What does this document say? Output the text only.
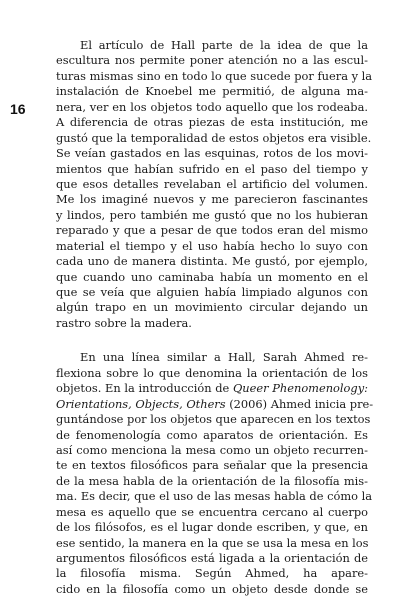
16
El artículo de Hall parte de la idea de que la
escultura nos permite poner atención no a las escul-
turas mismas sino en todo lo que sucede por fuera y la
instalación de Knoebel me permitió, de alguna ma-
nera, ver en los objetos todo aquello que los rodeaba.
A diferencia de otras piezas de esta institución, me
gustó que la temporalidad de estos objetos era visible.
Se veían gastados en las esquinas, rotos de los movi-
mientos que habían sufrido en el paso del tiempo y
que esos detalles revelaban el artificio del volumen.
Me los imaginé nuevos y me parecieron fascinantes
y lindos, pero también me gustó que no los hubieran
reparado y que a pesar de que todos eran del mismo
material el tiempo y el uso había hecho lo suyo con
cada uno de manera distinta. Me gustó, por ejemplo,
que cuando uno caminaba había un momento en el
que se veía que alguien había limpiado algunos con
algún trapo en un movimiento circular dejando un
rastro sobre la madera.
En una línea similar a Hall, Sarah Ahmed re-
flexiona sobre lo que denomina la orientación de los
objetos. En la introducción de Queer Phenomenology:
Orientations, Objects, Others (2006) Ahmed inicia pre-
guntándose por los objetos que aparecen en los textos
de fenomenología como aparatos de orientación. Es
así como menciona la mesa como un objeto recurren-
te en textos filosóficos para señalar que la presencia
de la mesa habla de la orientación de la filosofía mis-
ma. Es decir, que el uso de las mesas habla de cómo la
mesa es aquello que se encuentra cercano al cuerpo
de los filósofos, es el lugar donde escriben, y que, en
ese sentido, la manera en la que se usa la mesa en los
argumentos filosóficos está ligada a la orientación de
la filosofía misma. Según Ahmed, ha apare-
cido en la filosofía como un objeto desde donde se
